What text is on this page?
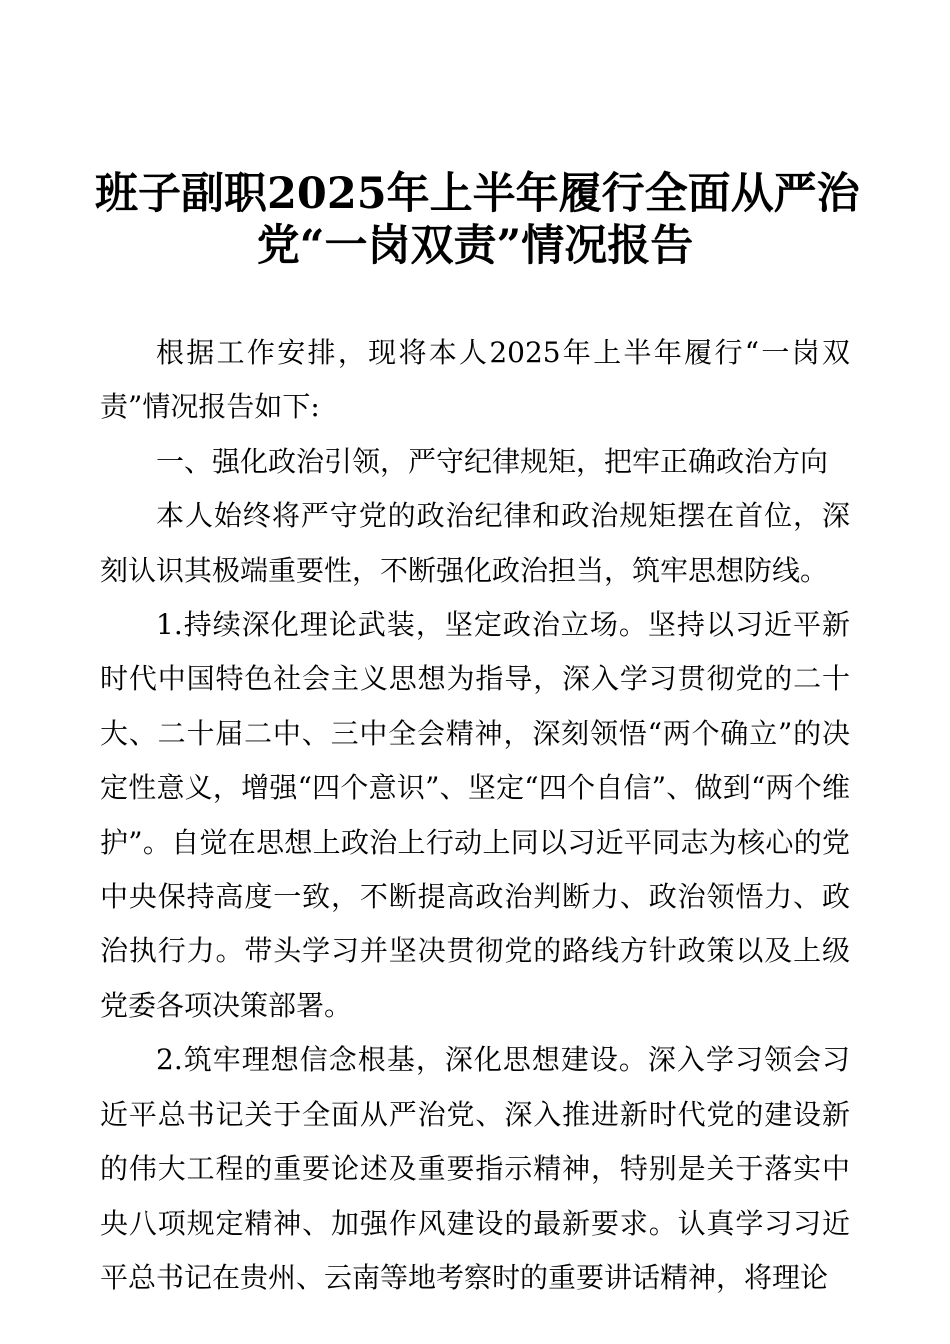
班子副职2025年上半年履行全面从严治
党“一岗双责”情况报告

根据工作安排，现将本人2025年上半年履行“一岗双责”情况报告如下:

一、强化政治引领，严守纪律规矩，把牢正确政治方向

本人始终将严守党的政治纪律和政治规矩摆在首位，深刻认识其极端重要性，不断强化政治担当，筑牢思想防线。

1.持续深化理论武装，坚定政治立场。坚持以习近平新时代中国特色社会主义思想为指导，深入学习贯彻党的二十大、二十届二中、三中全会精神，深刻领悟“两个确立”的决定性意义，增强“四个意识”、坚定“四个自信”、做到“两个维护”。自觉在思想上政治上行动上同以习近平同志为核心的党中央保持高度一致，不断提高政治判断力、政治领悟力、政治执行力。带头学习并坚决贯彻党的路线方针政策以及上级党委各项决策部署。

2.筑牢理想信念根基，深化思想建设。深入学习领会习近平总书记关于全面从严治党、深入推进新时代党的建设新的伟大工程的重要论述及重要指示精神，特别是关于落实中央八项规定精神、加强作风建设的最新要求。认真学习习近平总书记在贵州、云南等地考察时的重要讲话精神，将理论
